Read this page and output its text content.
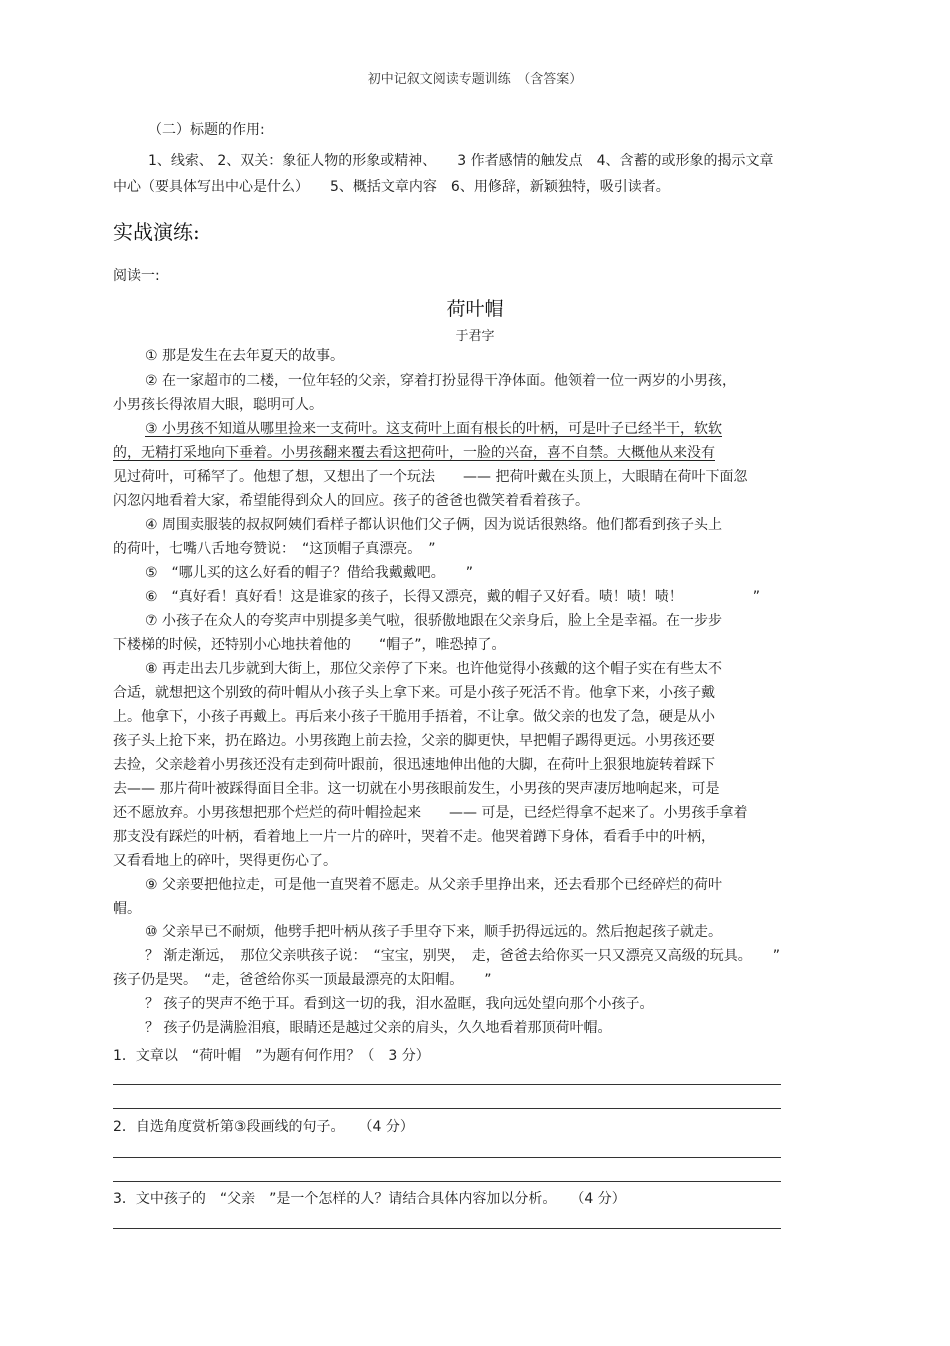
初中记叙文阅读专题训练　（含答案）
（二）标题的作用:
1、线索、 2、双关：象征人物的形象或精神、　　3 作者感情的触发点　4、含蓄的或形象的揭示文章
中心（要具体写出中心是什么）　　5、概括文章内容　6、用修辞，新颖独特，吸引读者。
实战演练:
阅读一:
荷叶帽
于君字
① 那是发生在去年夏天的故事。
② 在一家超市的二楼，一位年轻的父亲，穿着打扮显得干净体面。他领着一位一两岁的小男孩，
小男孩长得浓眉大眼，聪明可人。
③ 小男孩不知道从哪里捡来一支荷叶。这支荷叶上面有根长的叶柄，可是叶子已经半干，软软
的，无精打采地向下垂着。小男孩翻来覆去看这把荷叶，一脸的兴奋，喜不自禁。大概他从来没有
见过荷叶，可稀罕了。他想了想，又想出了一个玩法　　—— 把荷叶戴在头顶上，大眼睛在荷叶下面忽
闪忽闪地看着大家，希望能得到众人的回应。孩子的爸爸也微笑着看着孩子。
④ 周围卖服装的叔叔阿姨们看样子都认识他们父子俩，因为说话很熟络。他们都看到孩子头上
的荷叶，七嘴八舌地夸赞说：　“这顶帽子真漂亮。　”
⑤　“哪儿买的这么好看的帽子？借给我戴戴吧。　　”
⑥　“真好看！真好看！这是谁家的孩子，长得又漂亮，戴的帽子又好看。啧！啧！啧！　　　　　”
⑦ 小孩子在众人的夸奖声中別提多美气啦，很骄傲地跟在父亲身后，脸上全是幸福。在一步步
下楼梯的时候，还特别小心地扶着他的　　“帽子”，唯恐掉了。
⑧ 再走出去几步就到大街上，那位父亲停了下来。也许他觉得小孩戴的这个帽子实在有些太不
合适，就想把这个别致的荷叶帽从小孩子头上拿下来。可是小孩子死活不肯。他拿下来，小孩子戴
上。他拿下，小孩子再戴上。再后来小孩子干脆用手捂着，不让拿。做父亲的也发了急，硬是从小
孩子头上抢下来，扔在路边。小男孩跑上前去捡，父亲的脚更快，早把帽子踢得更远。小男孩还要
去捡，父亲趁着小男孩还没有走到荷叶跟前，很迅速地伸出他的大脚，在荷叶上狠狠地旋转着踩下
去—— 那片荷叶被踩得面目全非。这一切就在小男孩眼前发生，小男孩的哭声凄厉地响起来，可是
还不愿放弃。小男孩想把那个烂烂的荷叶帽捡起来　　—— 可是，已经烂得拿不起来了。小男孩手拿着
那支没有踩烂的叶柄，看着地上一片一片的碎叶，哭着不走。他哭着蹲下身体，看看手中的叶柄，
又看看地上的碎叶，哭得更伤心了。
⑨ 父亲要把他拉走，可是他一直哭着不愿走。从父亲手里挣出来，还去看那个已经碎烂的荷叶
帽。
⑩ 父亲早已不耐烦，他劈手把叶柄从孩子手里夺下来，顺手扔得远远的。然后抱起孩子就走。
？ 渐走渐远，　那位父亲哄孩子说：　“宝宝，别哭，　走，爸爸去给你买一只又漂亮又高级的玩具。　　”
孩子仍是哭。　“走，爸爸给你买一顶最最漂亮的太阳帽。　　”
？ 孩子的哭声不绝于耳。看到这一切的我，泪水盈眶，我向远处望向那个小孩子。
？ 孩子仍是满脸泪痕，眼睛还是越过父亲的肩头，久久地看着那顶荷叶帽。
1．文章以　“荷叶帽　”为题有何作用？（　3 分）
2．自选角度赏析第③段画线的句子。　　（4 分）
3．文中孩子的　“父亲　”是一个怎样的人？请结合具体内容加以分析。　　（4 分）
